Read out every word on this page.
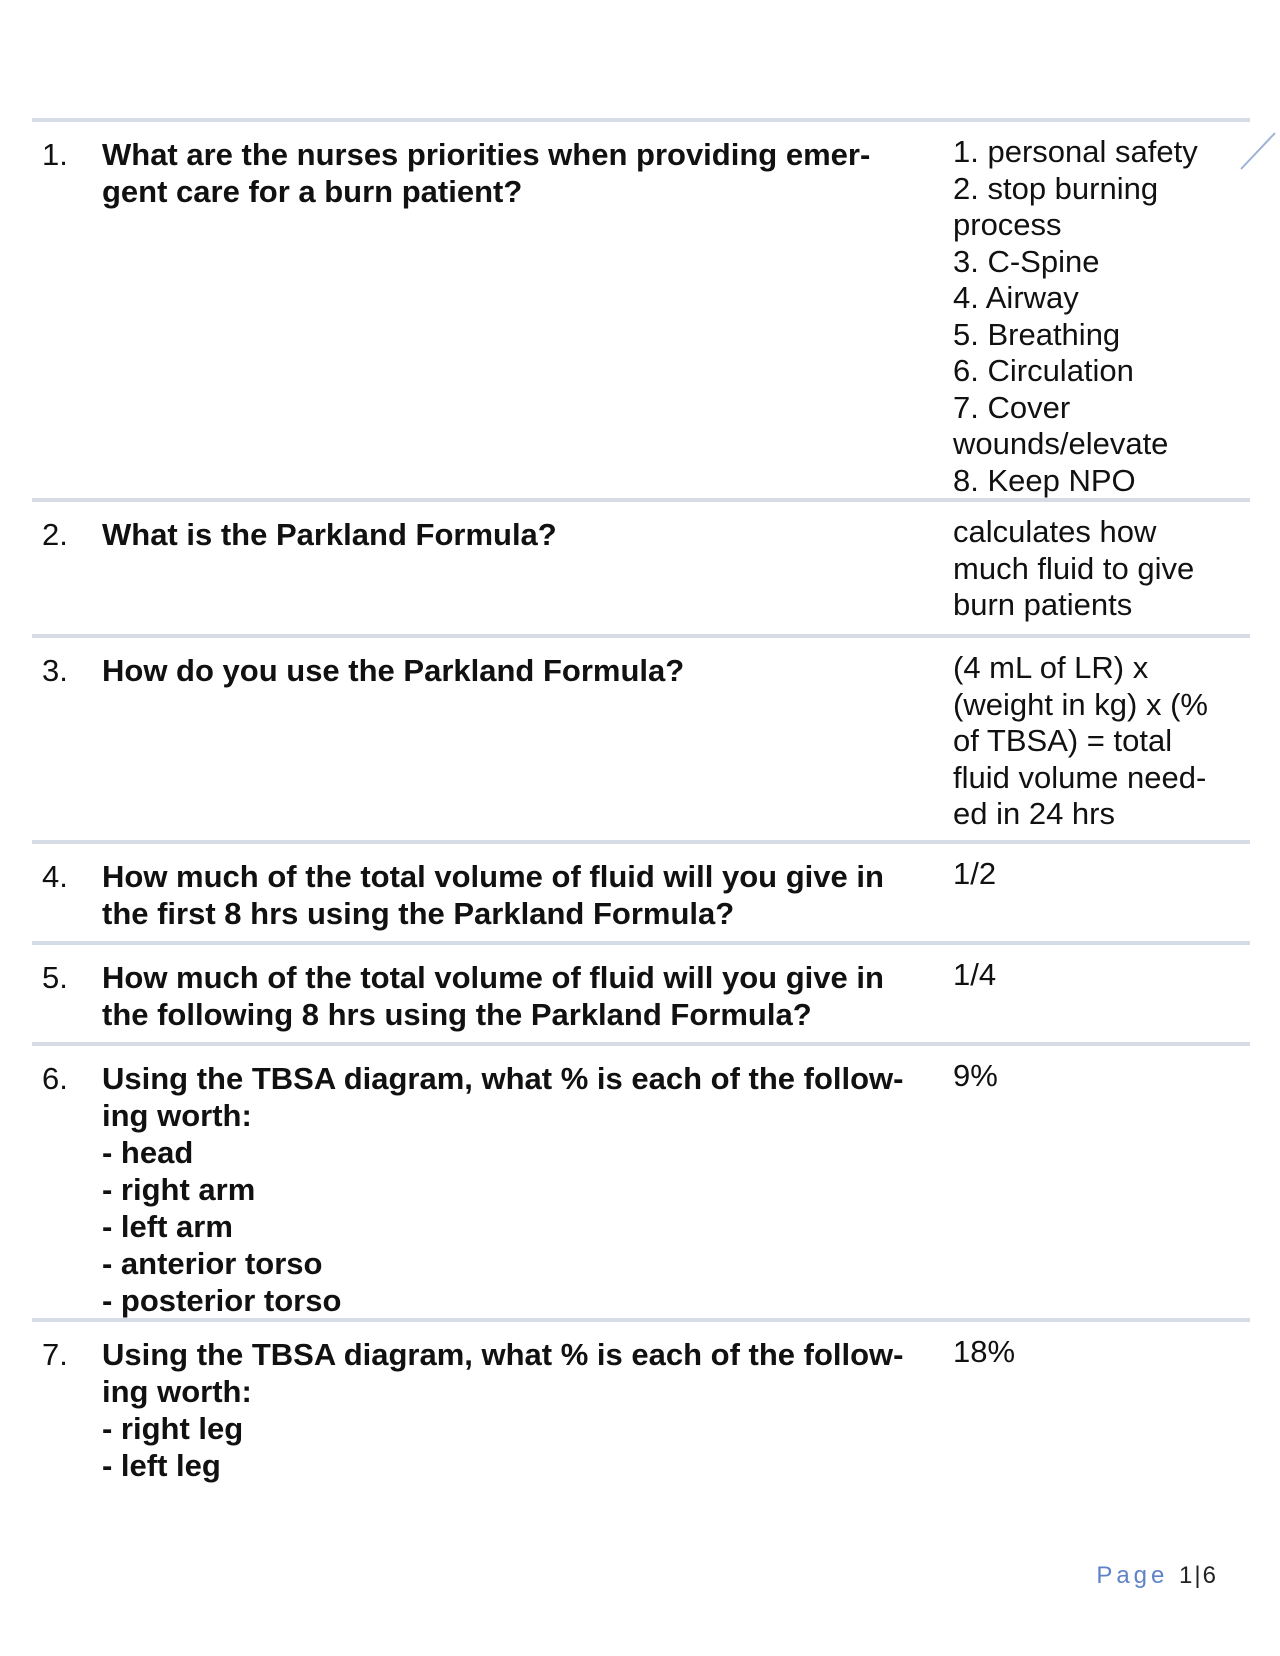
1. What are the nurses priorities when providing emer-
gent care for a burn patient?
1. personal safety
2. stop burning
process
3. C-Spine
4. Airway
5. Breathing
6. Circulation
7. Cover
wounds/elevate
8. Keep NPO
2. What is the Parkland Formula?	calculates how
much fluid to give
burn patients
3. How do you use the Parkland Formula?	(4 mL of LR) x
(weight in kg) x (%
of TBSA) = total
fluid volume need-
ed in 24 hrs
4. How much of the total volume of fluid will you give in
the first 8 hrs using the Parkland Formula?
1/2
5. How much of the total volume of fluid will you give in
the following 8 hrs using the Parkland Formula?
1/4
6. Using the TBSA diagram, what % is each of the follow-
ing worth:
- head
- right arm
- left arm
- anterior torso
- posterior torso
9%
7. Using the TBSA diagram, what % is each of the follow-
ing worth:
- right leg
- left leg
18%
Page 1|6
